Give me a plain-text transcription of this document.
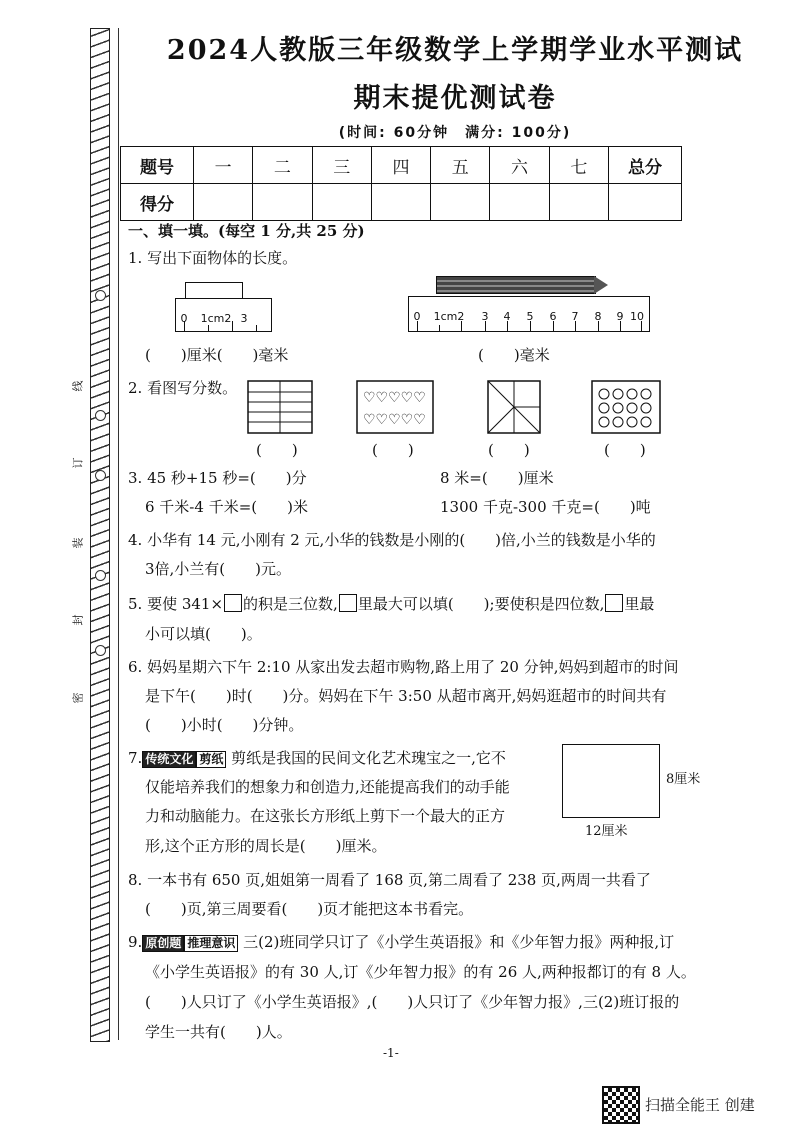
线
订
装
封
密
2024人教版三年级数学上学期学业水平测试
期末提优测试卷
(时间: 60分钟　满分: 100分)
题号	一	二	三	四	五	六	七	总分
得分								
一、填一填。(每空 1 分,共 25 分)
1. 写出下面物体的长度。
0 1cm2 3	0 1cm2 3 4 5 6 7 8 9 10
(　　)厘米(　　)毫米	(　　)毫米
2. 看图写分数。
♡♡♡♡♡
♡♡♡♡♡
(　　)	(　　)	(　　)	(　　)
3. 45 秒+15 秒=(　　)分	8 米=(　　)厘米
6 千米-4 千米=(　　)米	1300 千克-300 千克=(　　)吨
4. 小华有 14 元,小刚有 2 元,小华的钱数是小刚的(　　)倍,小兰的钱数是小华的
3倍,小兰有(　　)元。
5. 要使 341× 的积是三位数, 里最大可以填(　　);要使积是四位数, 里最
小可以填(　　)。
6. 妈妈星期六下午 2:10 从家出发去超市购物,路上用了 20 分钟,妈妈到超市的时间
是下午(　　)时(　　)分。妈妈在下午 3:50 从超市离开,妈妈逛超市的时间共有
(　　)小时(　　)分钟。
7. 传统文化 剪纸 剪纸是我国的民间文化艺术瑰宝之一,它不
仅能培养我们的想象力和创造力,还能提高我们的动手能
力和动脑能力。在这张长方形纸上剪下一个最大的正方
形,这个正方形的周长是(　　)厘米。
8厘米
12厘米
8. 一本书有 650 页,姐姐第一周看了 168 页,第二周看了 238 页,两周一共看了
(　　)页,第三周要看(　　)页才能把这本书看完。
9. 原创题 推理意识 三(2)班同学只订了《小学生英语报》和《少年智力报》两种报,订
《小学生英语报》的有 30 人,订《少年智力报》的有 26 人,两种报都订的有 8 人。
(　　)人只订了《小学生英语报》,(　　)人只订了《少年智力报》,三(2)班订报的
学生一共有(　　)人。
-1-
扫描全能王 创建
